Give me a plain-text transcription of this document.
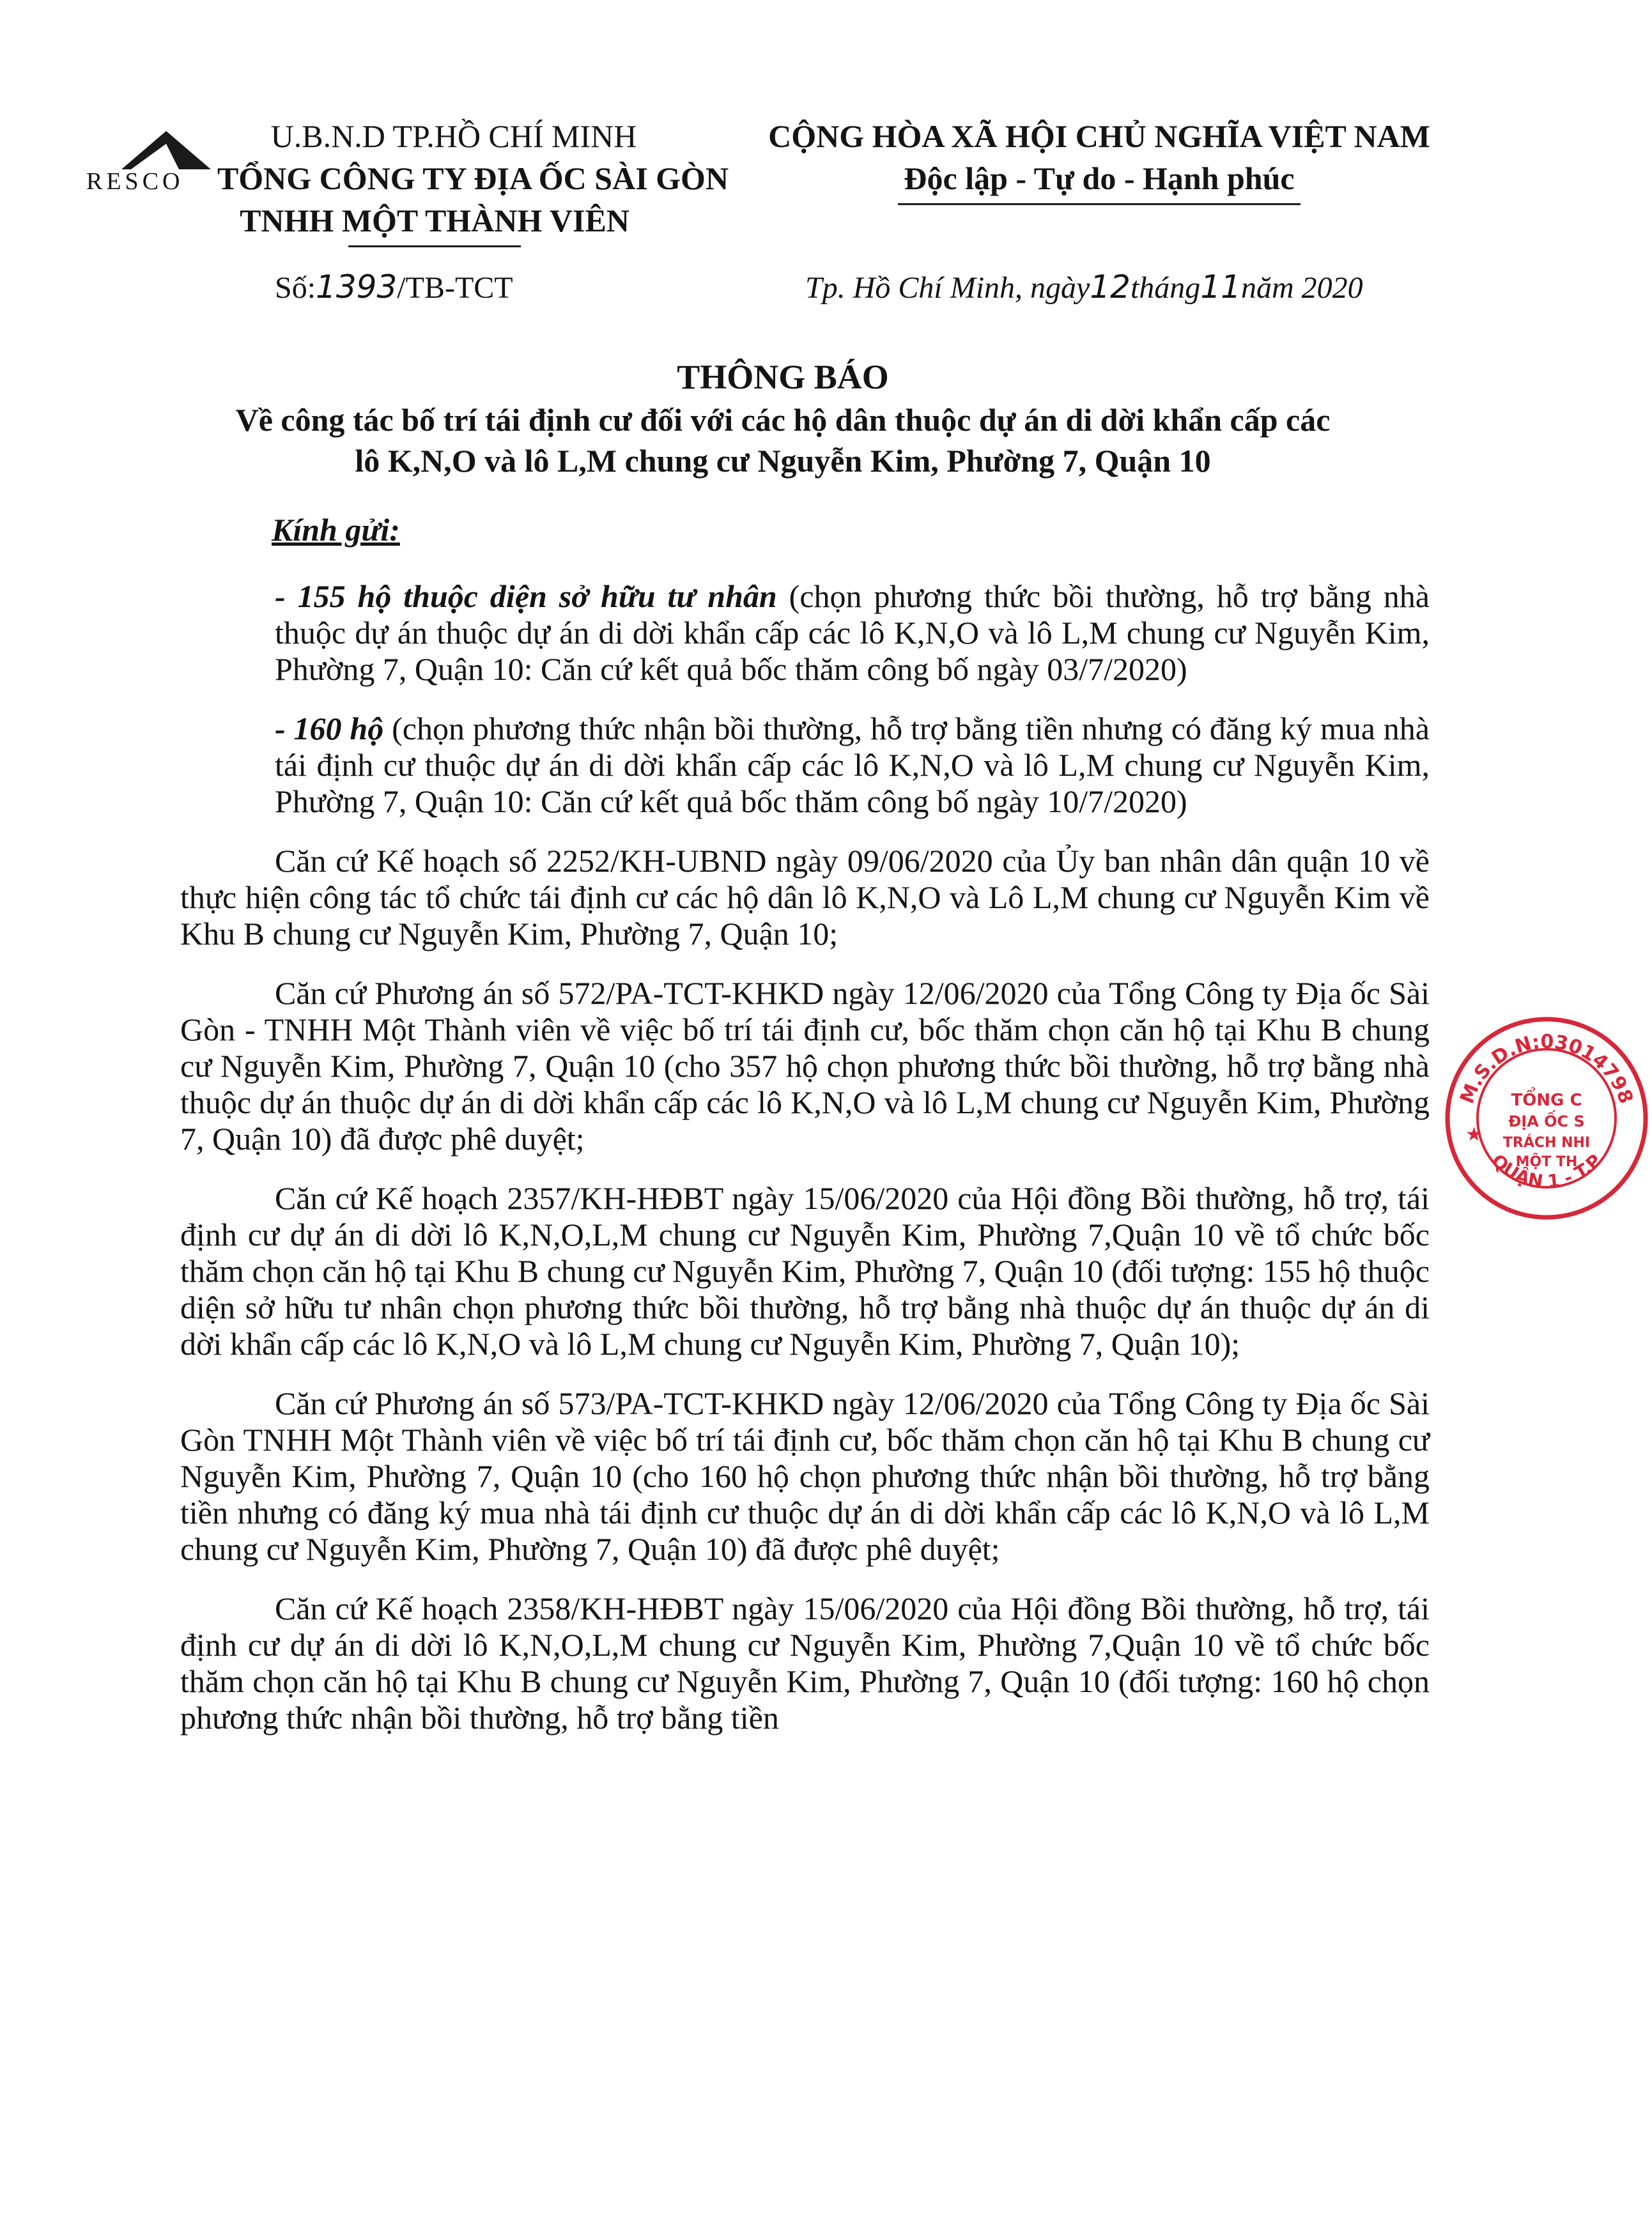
RESCO
U.B.N.D TP.HỒ CHÍ MINH
TỔNG CÔNG TY ĐỊA ỐC SÀI GÒN
TNHH MỘT THÀNH VIÊN
CỘNG HÒA XÃ HỘI CHỦ NGHĨA VIỆT NAM
Độc lập - Tự do - Hạnh phúc
Số:1393/TB-TCT	Tp. Hồ Chí Minh, ngày12tháng11năm 2020
THÔNG BÁO
Về công tác bố trí tái định cư đối với các hộ dân thuộc dự án di dời khẩn cấp các
lô K,N,O và lô L,M chung cư Nguyễn Kim, Phường 7, Quận 10
Kính gửi:

- 155 hộ thuộc diện sở hữu tư nhân (chọn phương thức bồi thường, hỗ trợ bằng nhà thuộc dự án thuộc dự án di dời khẩn cấp các lô K,N,O và lô L,M chung cư Nguyễn Kim, Phường 7, Quận 10: Căn cứ kết quả bốc thăm công bố ngày 03/7/2020)

- 160 hộ (chọn phương thức nhận bồi thường, hỗ trợ bằng tiền nhưng có đăng ký mua nhà tái định cư thuộc dự án di dời khẩn cấp các lô K,N,O và lô L,M chung cư Nguyễn Kim, Phường 7, Quận 10: Căn cứ kết quả bốc thăm công bố ngày 10/7/2020)

Căn cứ Kế hoạch số 2252/KH-UBND ngày 09/06/2020 của Ủy ban nhân dân quận 10 về thực hiện công tác tổ chức tái định cư các hộ dân lô K,N,O và Lô L,M chung cư Nguyễn Kim về Khu B chung cư Nguyễn Kim, Phường 7, Quận 10;

Căn cứ Phương án số 572/PA-TCT-KHKD ngày 12/06/2020 của Tổng Công ty Địa ốc Sài Gòn - TNHH Một Thành viên về việc bố trí tái định cư, bốc thăm chọn căn hộ tại Khu B chung cư Nguyễn Kim, Phường 7, Quận 10 (cho 357 hộ chọn phương thức bồi thường, hỗ trợ bằng nhà thuộc dự án thuộc dự án di dời khẩn cấp các lô K,N,O và lô L,M chung cư Nguyễn Kim, Phường 7, Quận 10) đã được phê duyệt;

Căn cứ Kế hoạch 2357/KH-HĐBT ngày 15/06/2020 của Hội đồng Bồi thường, hỗ trợ, tái định cư dự án di dời lô K,N,O,L,M chung cư Nguyễn Kim, Phường 7,Quận 10 về tổ chức bốc thăm chọn căn hộ tại Khu B chung cư Nguyễn Kim, Phường 7, Quận 10 (đối tượng: 155 hộ thuộc diện sở hữu tư nhân chọn phương thức bồi thường, hỗ trợ bằng nhà thuộc dự án thuộc dự án di dời khẩn cấp các lô K,N,O và lô L,M chung cư Nguyễn Kim, Phường 7, Quận 10);

Căn cứ Phương án số 573/PA-TCT-KHKD ngày 12/06/2020 của Tổng Công ty Địa ốc Sài Gòn TNHH Một Thành viên về việc bố trí tái định cư, bốc thăm chọn căn hộ tại Khu B chung cư Nguyễn Kim, Phường 7, Quận 10 (cho 160 hộ chọn phương thức nhận bồi thường, hỗ trợ bằng tiền nhưng có đăng ký mua nhà tái định cư thuộc dự án di dời khẩn cấp các lô K,N,O và lô L,M chung cư Nguyễn Kim, Phường 7, Quận 10) đã được phê duyệt;

Căn cứ Kế hoạch 2358/KH-HĐBT ngày 15/06/2020 của Hội đồng Bồi thường, hỗ trợ, tái định cư dự án di dời lô K,N,O,L,M chung cư Nguyễn Kim, Phường 7,Quận 10 về tổ chức bốc thăm chọn căn hộ tại Khu B chung cư Nguyễn Kim, Phường 7, Quận 10 (đối tượng: 160 hộ chọn phương thức nhận bồi thường, hỗ trợ bằng tiền

M.S.D.N:03014798
QUẬN 1 - T.P
TỔNG C
ĐỊA ỐC S
TRÁCH NHI
MỘT TH
★
